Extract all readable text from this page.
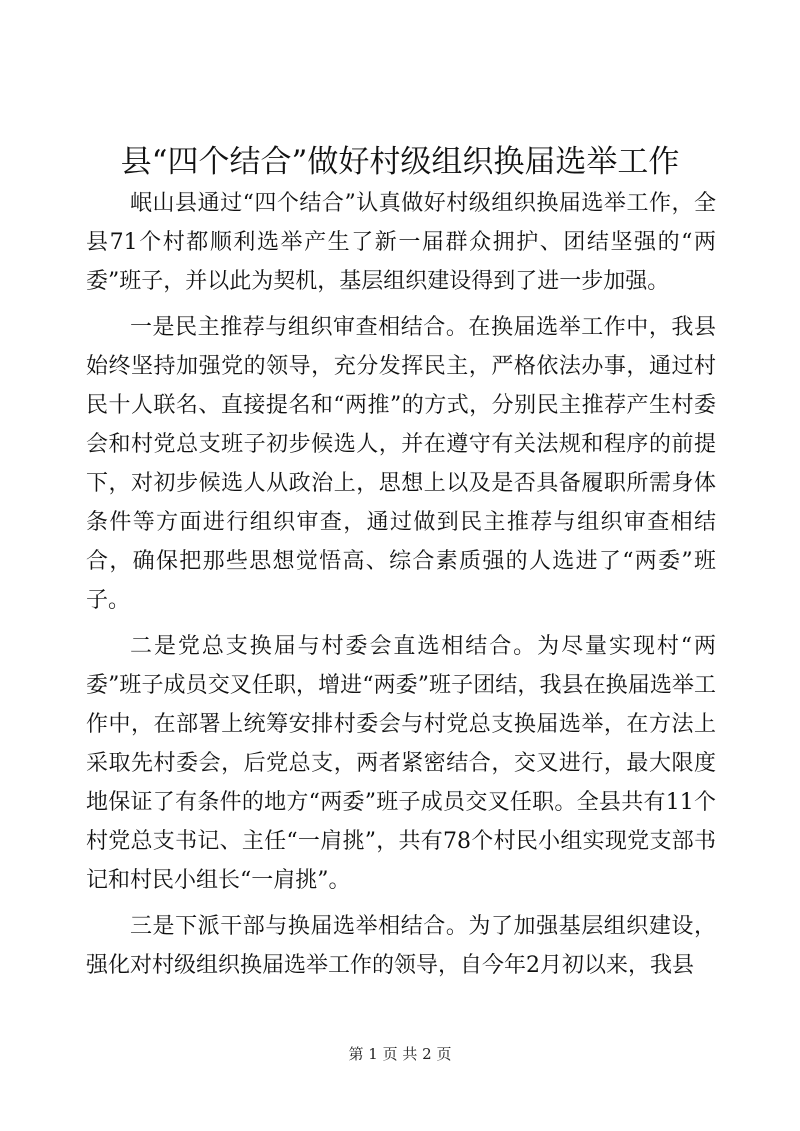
县“四个结合”做好村级组织换届选举工作

岷山县通过“四个结合”认真做好村级组织换届选举工作，全县71个村都顺利选举产生了新一届群众拥护、团结坚强的“两委”班子，并以此为契机，基层组织建设得到了进一步加强。

一是民主推荐与组织审查相结合。在换届选举工作中，我县始终坚持加强党的领导，充分发挥民主，严格依法办事，通过村民十人联名、直接提名和“两推”的方式，分别民主推荐产生村委会和村党总支班子初步候选人，并在遵守有关法规和程序的前提下，对初步候选人从政治上，思想上以及是否具备履职所需身体条件等方面进行组织审查，通过做到民主推荐与组织审查相结合，确保把那些思想觉悟高、综合素质强的人选进了“两委”班子。

二是党总支换届与村委会直选相结合。为尽量实现村“两委”班子成员交叉任职，增进“两委”班子团结，我县在换届选举工作中，在部署上统筹安排村委会与村党总支换届选举，在方法上采取先村委会，后党总支，两者紧密结合，交叉进行，最大限度地保证了有条件的地方“两委”班子成员交叉任职。全县共有11个村党总支书记、主任“一肩挑”，共有78个村民小组实现党支部书记和村民小组长“一肩挑”。

三是下派干部与换届选举相结合。为了加强基层组织建设，强化对村级组织换届选举工作的领导，自今年2月初以来，我县

第 1 页 共 2 页
